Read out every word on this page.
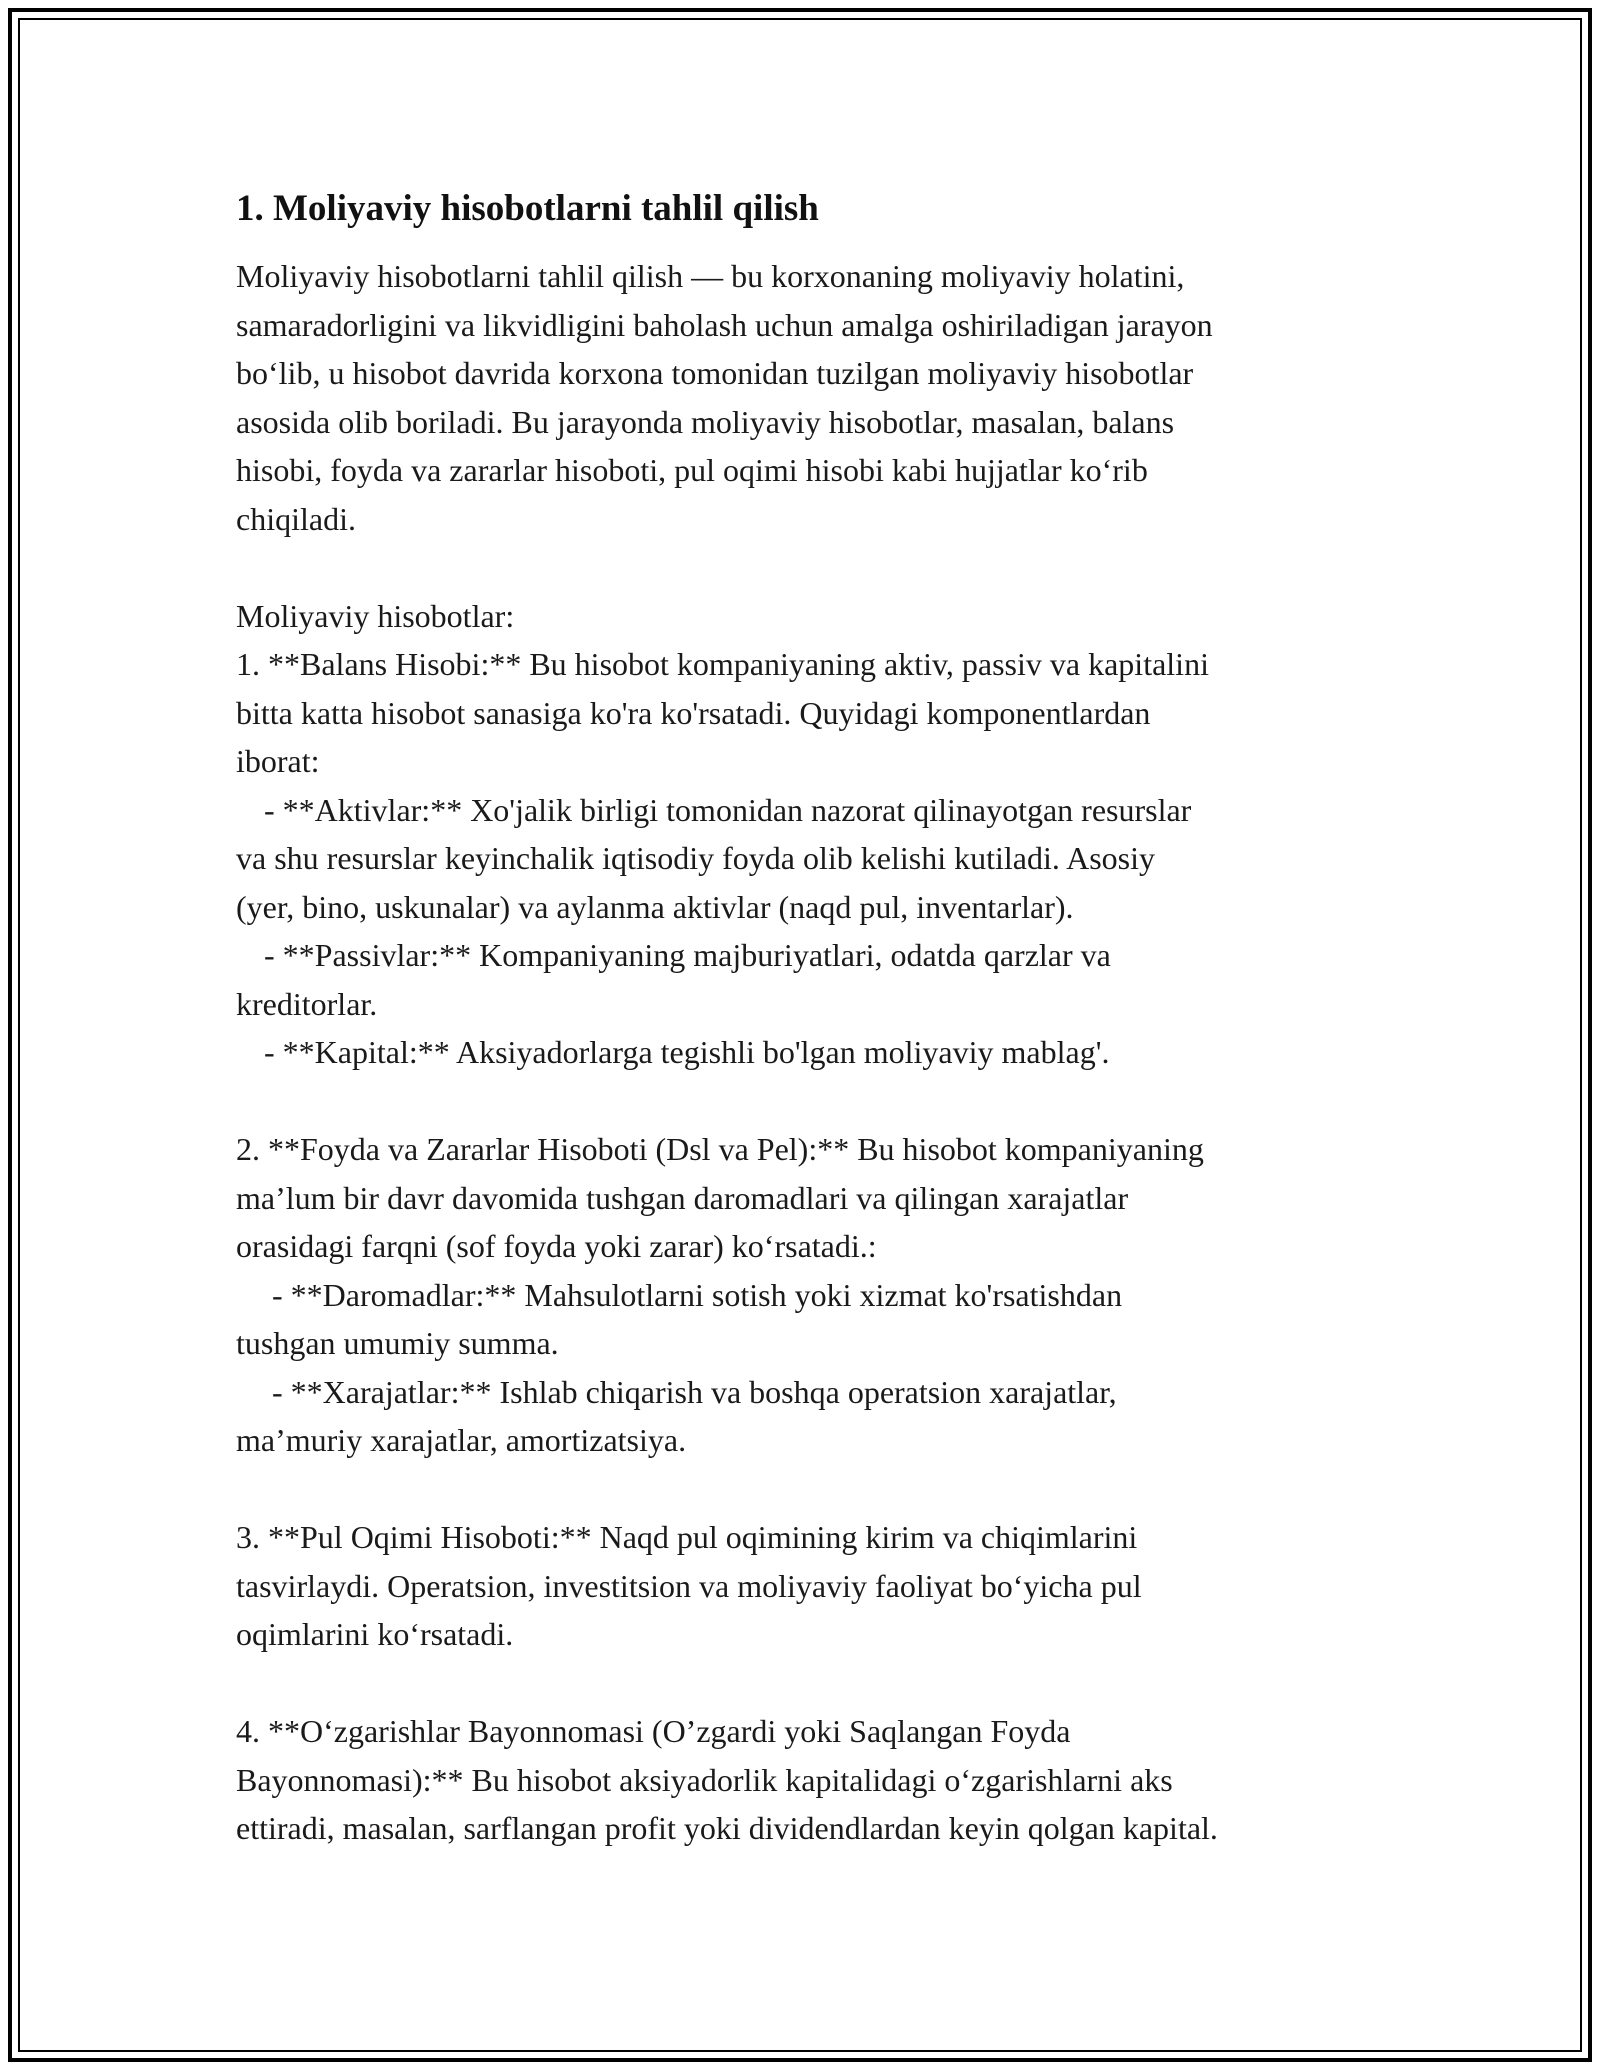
1. Moliyaviy hisobotlarni tahlil qilish

Moliyaviy hisobotlarni tahlil qilish — bu korxonaning moliyaviy holatini,
samaradorligini va likvidligini baholash uchun amalga oshiriladigan jarayon
bo‘lib, u hisobot davrida korxona tomonidan tuzilgan moliyaviy hisobotlar
asosida olib boriladi. Bu jarayonda moliyaviy hisobotlar, masalan, balans
hisobi, foyda va zararlar hisoboti, pul oqimi hisobi kabi hujjatlar ko‘rib
chiqiladi.
Moliyaviy hisobotlar:
1. **Balans Hisobi:** Bu hisobot kompaniyaning aktiv, passiv va kapitalini
bitta katta hisobot sanasiga ko'ra ko'rsatadi. Quyidagi komponentlardan
iborat:
- **Aktivlar:** Xo'jalik birligi tomonidan nazorat qilinayotgan resurslar
va shu resurslar keyinchalik iqtisodiy foyda olib kelishi kutiladi. Asosiy
(yer, bino, uskunalar) va aylanma aktivlar (naqd pul, inventarlar).
- **Passivlar:** Kompaniyaning majburiyatlari, odatda qarzlar va
kreditorlar.
- **Kapital:** Aksiyadorlarga tegishli bo'lgan moliyaviy mablag'.
2. **Foyda va Zararlar Hisoboti (Dsl va Pel):** Bu hisobot kompaniyaning
ma’lum bir davr davomida tushgan daromadlari va qilingan xarajatlar
orasidagi farqni (sof foyda yoki zarar) ko‘rsatadi.:
- **Daromadlar:** Mahsulotlarni sotish yoki xizmat ko'rsatishdan
tushgan umumiy summa.
- **Xarajatlar:** Ishlab chiqarish va boshqa operatsion xarajatlar,
ma’muriy xarajatlar, amortizatsiya.
3. **Pul Oqimi Hisoboti:** Naqd pul oqimining kirim va chiqimlarini
tasvirlaydi. Operatsion, investitsion va moliyaviy faoliyat bo‘yicha pul
oqimlarini ko‘rsatadi.
4. **O‘zgarishlar Bayonnomasi (O’zgardi yoki Saqlangan Foyda
Bayonnomasi):** Bu hisobot aksiyadorlik kapitalidagi o‘zgarishlarni aks
ettiradi, masalan, sarflangan profit yoki dividendlardan keyin qolgan kapital.
